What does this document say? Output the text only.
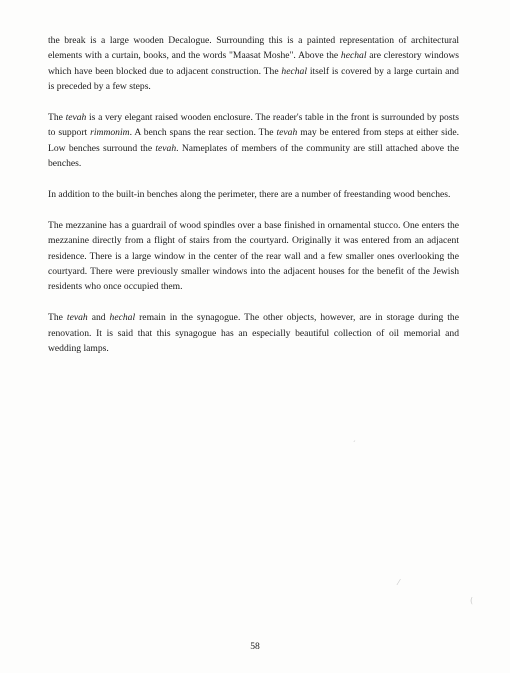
the break is a large wooden Decalogue. Surrounding this is a painted representation of architectural elements with a curtain, books, and the words "Maasat Moshe". Above the hechal are clerestory windows which have been blocked due to adjacent construction. The hechal itself is covered by a large curtain and is preceded by a few steps.

The tevah is a very elegant raised wooden enclosure. The reader's table in the front is surrounded by posts to support rimmonim. A bench spans the rear section. The tevah may be entered from steps at either side. Low benches surround the tevah. Nameplates of members of the community are still attached above the benches.

In addition to the built-in benches along the perimeter, there are a number of freestanding wood benches.

The mezzanine has a guardrail of wood spindles over a base finished in ornamental stucco. One enters the mezzanine directly from a flight of stairs from the courtyard. Originally it was entered from an adjacent residence. There is a large window in the center of the rear wall and a few smaller ones overlooking the courtyard. There were previously smaller windows into the adjacent houses for the benefit of the Jewish residents who once occupied them.

The tevah and hechal remain in the synagogue. The other objects, however, are in storage during the renovation. It is said that this synagogue has an especially beautiful collection of oil memorial and wedding lamps.

58
´
⁄
(
